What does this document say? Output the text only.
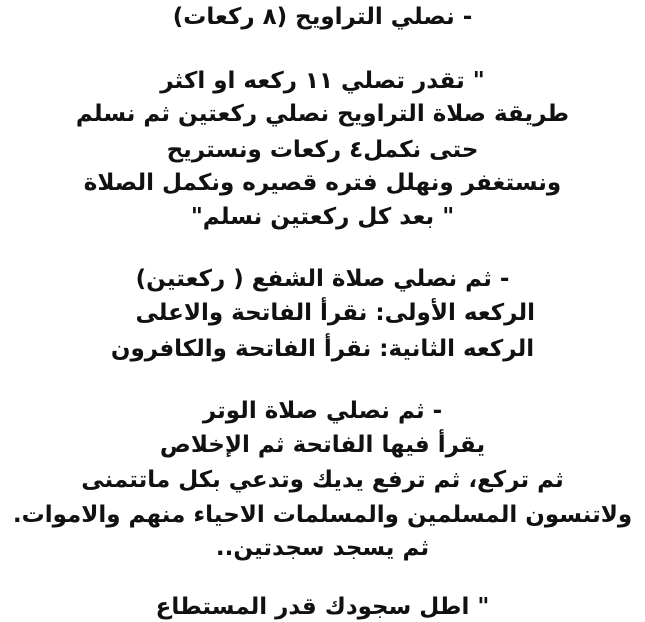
- نصلي التراويح (٨ ركعات)

" تقدر تصلي ١١ ركعه او اكثر

طريقة صلاة التراويح نصلي ركعتين ثم نسلم

حتى نكمل٤ ركعات ونستريح

ونستغفر ونهلل فتره قصيره ونكمل الصلاة

" بعد كل ركعتين نسلم"

- ثم نصلي صلاة الشفع ( ركعتين)

الركعه الأولى: نقرأ الفاتحة والاعلى

الركعه الثانية: نقرأ الفاتحة والكافرون

- ثم نصلي صلاة الوتر

يقرأ فيها الفاتحة ثم الإخلاص

ثم تركع، ثم ترفع يديك وتدعي بكل ماتتمنى

ولاتنسون المسلمين والمسلمات الاحياء منهم والاموات.

ثم يسجد سجدتين..

" اطل سجودك قدر المستطاع
